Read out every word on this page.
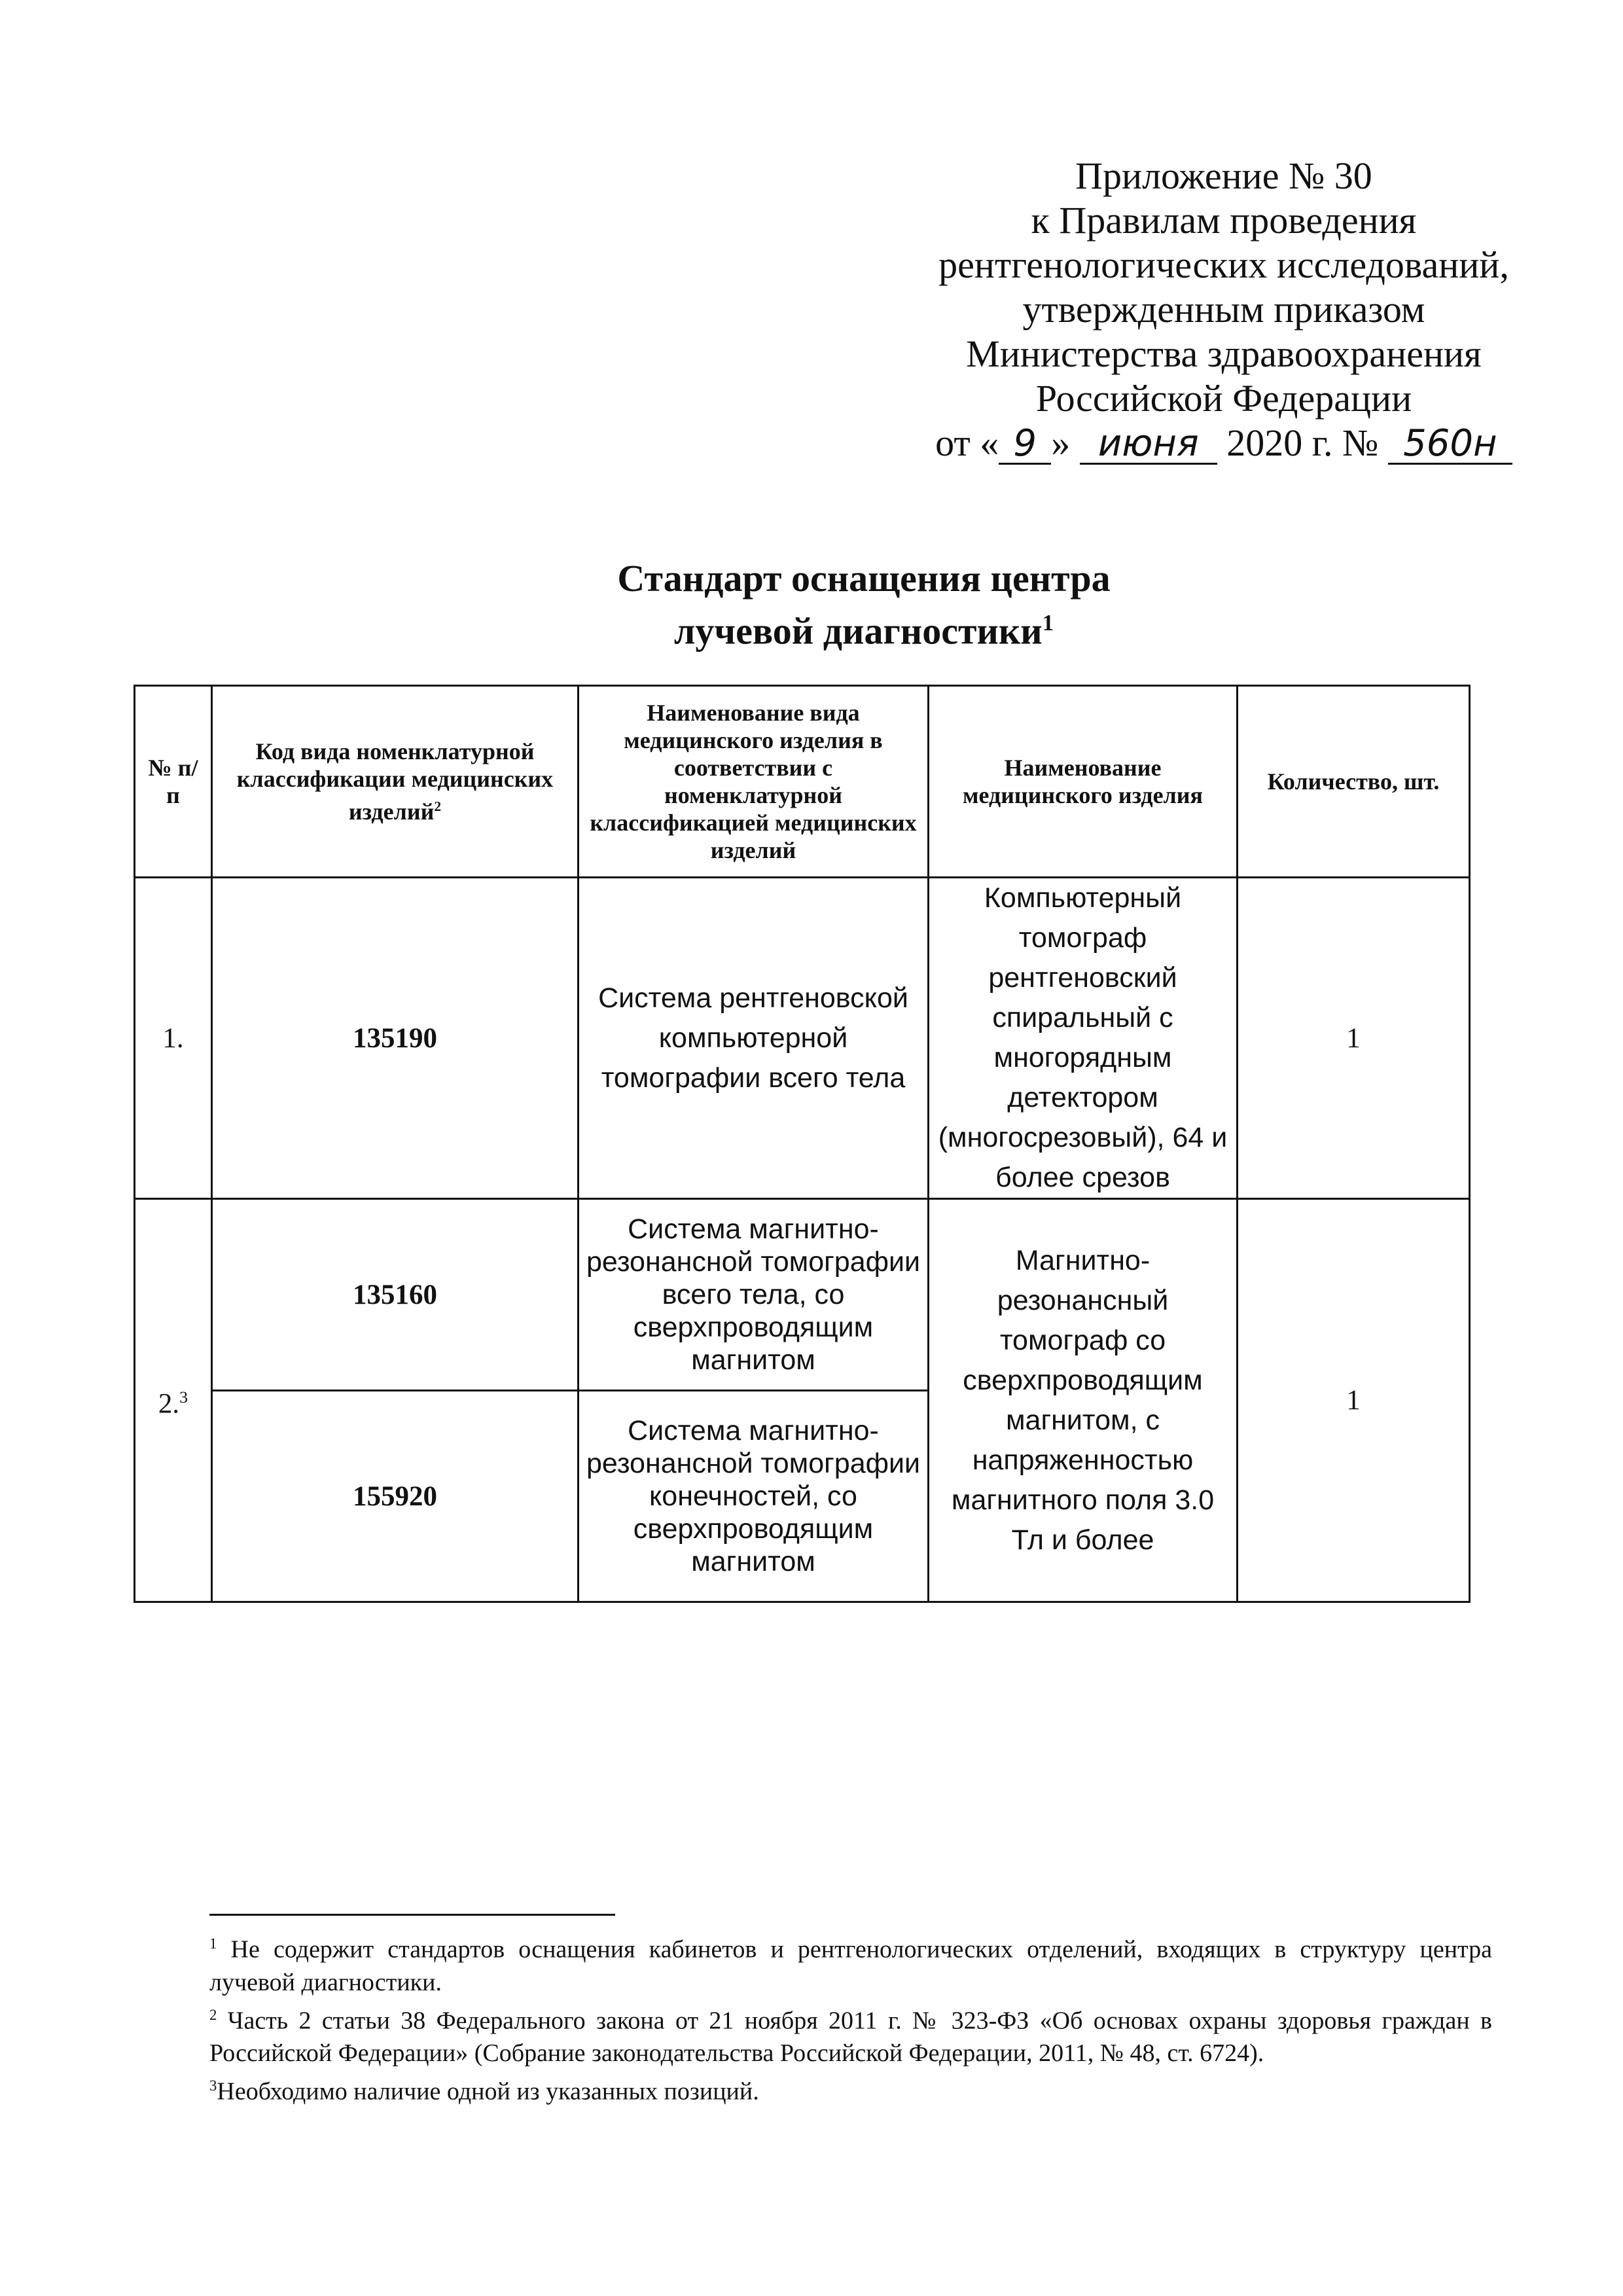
Приложение № 30
к Правилам проведения
рентгенологических исследований,
утвержденным приказом
Министерства здравоохранения
Российской Федерации
от « 9 » июня 2020 г. № 560н
Стандарт оснащения центра
лучевой диагностики$^1$
№ п/п	Код вида номенклатурной классификации медицинских изделий$^2$	Наименование вида медицинского изделия в соответствии с номенклатурной классификацией медицинских изделий	Наименование медицинского изделия	Количество, шт.
1.	135190	Система рентгеновской компьютерной томографии всего тела	Компьютерный томограф рентгеновский спиральный с многорядным детектором (многосрезовый), 64 и более срезов	1
2.$^3$	135160	Система магнитно-резонансной томографии всего тела, со сверхпроводящим магнитом	Магнитно-резонансный томограф со сверхпроводящим магнитом, с напряженностью магнитного поля 3.0 Тл и более	1
	155920	Система магнитно-резонансной томографии конечностей, со сверхпроводящим магнитом		

$^1$ Не содержит стандартов оснащения кабинетов и рентгенологических отделений, входящих в структуру центра лучевой диагностики.

$^2$ Часть 2 статьи 38 Федерального закона от 21 ноября 2011 г. № 323-ФЗ «Об основах охраны здоровья граждан в Российской Федерации» (Собрание законодательства Российской Федерации, 2011, № 48, ст. 6724).

$^3$Необходимо наличие одной из указанных позиций.
